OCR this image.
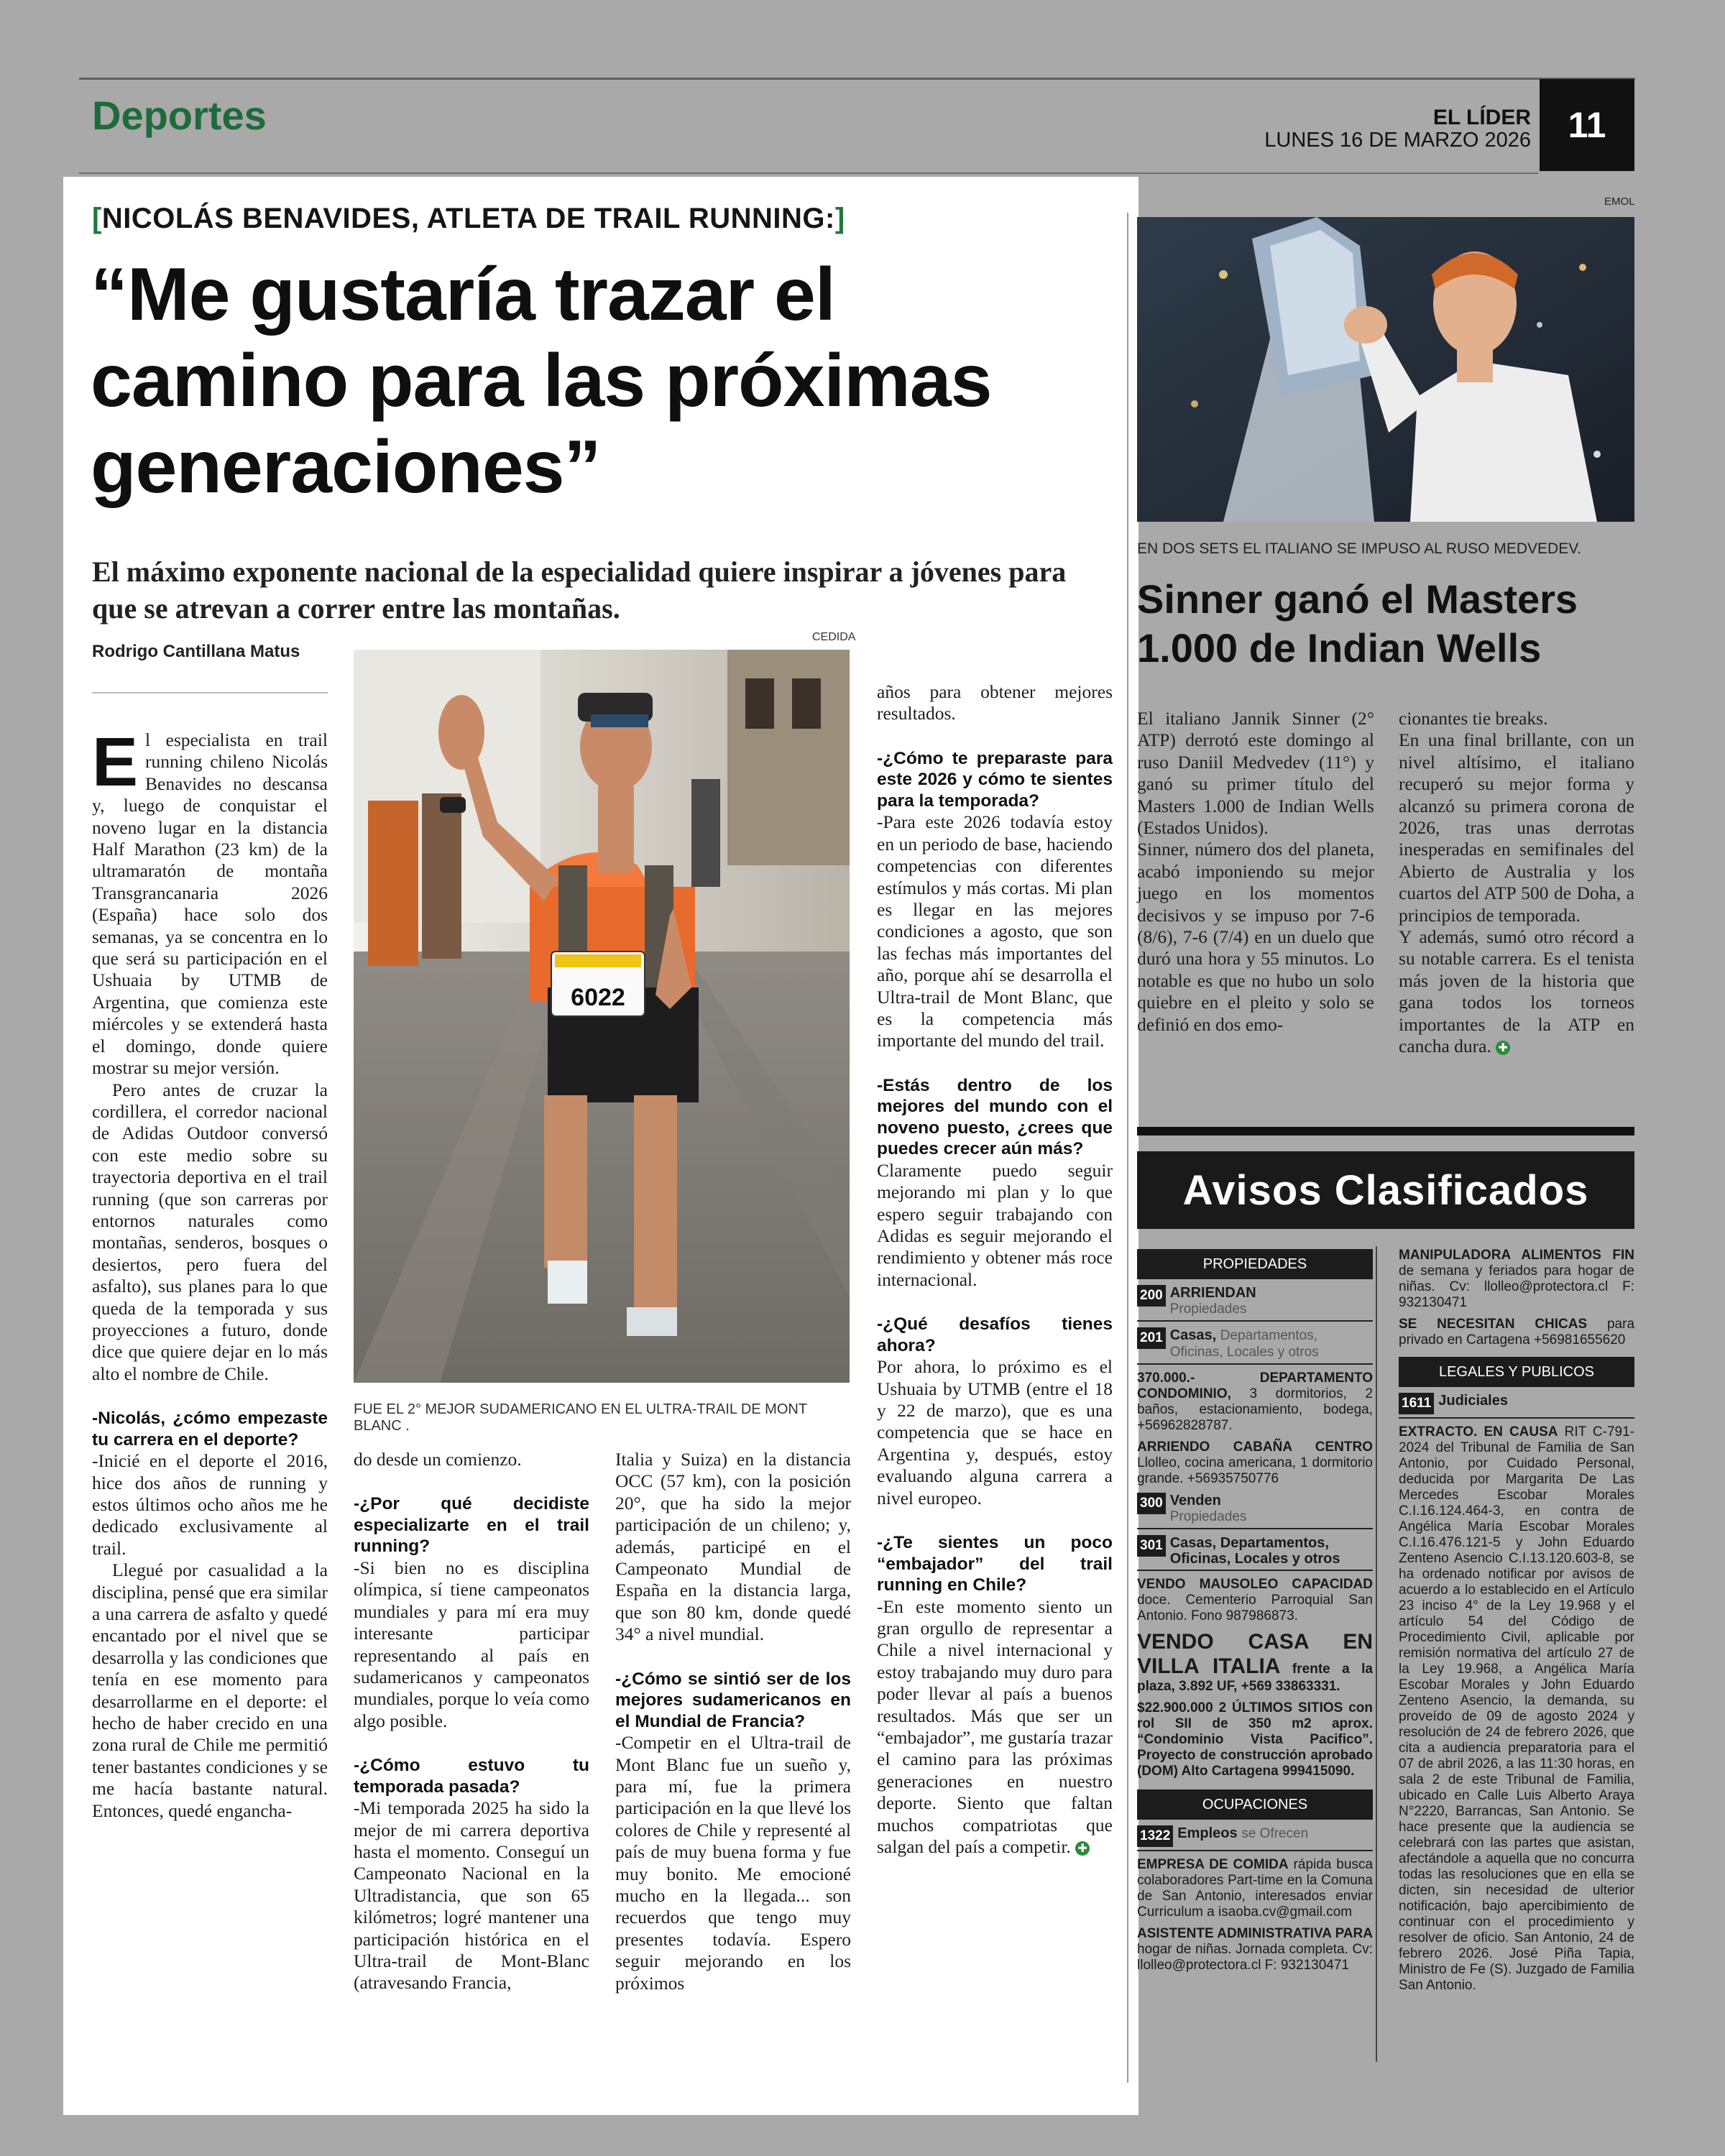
Deportes	EL LÍDER
LUNES 16 DE MARZO 2026	11
[NICOLÁS BENAVIDES, ATLETA DE TRAIL RUNNING:]
“Me gustaría trazar el camino para las próximas generaciones”
El máximo exponente nacional de la especialidad quiere inspirar a jóvenes para que se atrevan a correr entre las montañas.
Rodrigo Cantillana Matus
CEDIDA
6022
FUE EL 2° MEJOR SUDAMERICANO EN EL ULTRA-TRAIL DE MONT BLANC .

El especialista en trail running chileno Nicolás Benavides no descansa y, luego de conquistar el noveno lugar en la distancia Half Marathon (23 km) de la ultramaratón de montaña Transgrancanaria 2026 (España) hace solo dos semanas, ya se concentra en lo que será su participación en el Ushuaia by UTMB de Argentina, que comienza este miércoles y se extenderá hasta el domingo, donde quiere mostrar su mejor versión.

Pero antes de cruzar la cordillera, el corredor nacional de Adidas Outdoor conversó con este medio sobre su trayectoria deportiva en el trail running (que son carreras por entornos naturales como montañas, senderos, bosques o desiertos, pero fuera del asfalto), sus planes para lo que queda de la temporada y sus proyecciones a futuro, donde dice que quiere dejar en lo más alto el nombre de Chile.

-Nicolás, ¿cómo empezaste tu carrera en el deporte?

-Inicié en el deporte el 2016, hice dos años de running y estos últimos ocho años me he dedicado exclusivamente al trail.

Llegué por casualidad a la disciplina, pensé que era similar a una carrera de asfalto y quedé encantado por el nivel que se desarrolla y las condiciones que tenía en ese momento para desarrollarme en el deporte: el hecho de haber crecido en una zona rural de Chile me permitió tener bastantes condiciones y se me hacía bastante natural. Entonces, quedé engancha-

do desde un comienzo.

-¿Por qué decidiste especializarte en el trail running?

-Si bien no es disciplina olímpica, sí tiene campeonatos mundiales y para mí era muy interesante participar representando al país en sudamericanos y campeonatos mundiales, porque lo veía como algo posible.

-¿Cómo estuvo tu temporada pasada?

-Mi temporada 2025 ha sido la mejor de mi carrera deportiva hasta el momento. Conseguí un Campeonato Nacional en la Ultradistancia, que son 65 kilómetros; logré mantener una participación histórica en el Ultra-trail de Mont-Blanc (atravesando Francia,

Italia y Suiza) en la distancia OCC (57 km), con la posición 20°, que ha sido la mejor participación de un chileno; y, además, participé en el Campeonato Mundial de España en la distancia larga, que son 80 km, donde quedé 34° a nivel mundial.

-¿Cómo se sintió ser de los mejores sudamericanos en el Mundial de Francia?

-Competir en el Ultra-trail de Mont Blanc fue un sueño y, para mí, fue la primera participación en la que llevé los colores de Chile y representé al país de muy buena forma y fue muy bonito. Me emocioné mucho en la llegada... son recuerdos que tengo muy presentes todavía. Espero seguir mejorando en los próximos

años para obtener mejores resultados.

-¿Cómo te preparaste para este 2026 y cómo te sientes para la temporada?

-Para este 2026 todavía estoy en un periodo de base, haciendo competencias con diferentes estímulos y más cortas. Mi plan es llegar en las mejores condiciones a agosto, que son las fechas más importantes del año, porque ahí se desarrolla el Ultra-trail de Mont Blanc, que es la competencia más importante del mundo del trail.

-Estás dentro de los mejores del mundo con el noveno puesto, ¿crees que puedes crecer aún más?

Claramente puedo seguir mejorando mi plan y lo que espero seguir trabajando con Adidas es seguir mejorando el rendimiento y obtener más roce internacional.

-¿Qué desafíos tienes ahora?

Por ahora, lo próximo es el Ushuaia by UTMB (entre el 18 y 22 de marzo), que es una competencia que se hace en Argentina y, después, estoy evaluando alguna carrera a nivel europeo.

-¿Te sientes un poco “embajador” del trail running en Chile?

-En este momento siento un gran orgullo de representar a Chile a nivel internacional y estoy trabajando muy duro para poder llevar al país a buenos resultados. Más que ser un “embajador”, me gustaría trazar el camino para las próximas generaciones en nuestro deporte. Siento que faltan muchos compatriotas que salgan del país a competir. ✚

EMOL
EN DOS SETS EL ITALIANO SE IMPUSO AL RUSO MEDVEDEV.
Sinner ganó el Masters 1.000 de Indian Wells

El italiano Jannik Sinner (2° ATP) derrotó este domingo al ruso Daniil Medvedev (11°) y ganó su primer título del Masters 1.000 de Indian Wells (Estados Unidos).

Sinner, número dos del planeta, acabó imponiendo su mejor juego en los momentos decisivos y se impuso por 7-6 (8/6), 7-6 (7/4) en un duelo que duró una hora y 55 minutos. Lo notable es que no hubo un solo quiebre en el pleito y solo se definió en dos emo-

cionantes tie breaks.

En una final brillante, con un nivel altísimo, el italiano recuperó su mejor forma y alcanzó su primera corona de 2026, tras unas derrotas inesperadas en semifinales del Abierto de Australia y los cuartos del ATP 500 de Doha, a principios de temporada.

Y además, sumó otro récord a su notable carrera. Es el tenista más joven de la historia que gana todos los torneos importantes de la ATP en cancha dura. ✚

Avisos Clasificados
PROPIEDADES
200 ARRIENDAN
Propiedades
201 Casas, Departamentos, Oficinas, Locales y otros
370.000.- DEPARTAMENTO CONDOMINIO, 3 dormitorios, 2 baños, estacionamiento, bodega, +56962828787.
ARRIENDO CABAÑA CENTRO Llolleo, cocina americana, 1 dormitorio grande. +56935750776
300 Venden
Propiedades
301 Casas, Departamentos, Oficinas, Locales y otros
VENDO MAUSOLEO CAPACIDAD doce. Cementerio Parroquial San Antonio. Fono 987986873.
VENDO CASA EN VILLA ITALIA frente a la plaza, 3.892 UF, +569 33863331.
$22.900.000 2 ÚLTIMOS SITIOS con rol SII de 350 m2 aprox. “Condominio Vista Pacifico”. Proyecto de construcción aprobado (DOM) Alto Cartagena 999415090.
OCUPACIONES
1322 Empleos se Ofrecen
EMPRESA DE COMIDA rápida busca colaboradores Part-time en la Comuna de San Antonio, interesados enviar Curriculum a isaoba.cv@gmail.com
ASISTENTE ADMINISTRATIVA PARA hogar de niñas. Jornada completa. Cv: llolleo@protectora.cl F: 932130471
MANIPULADORA ALIMENTOS FIN de semana y feriados para hogar de niñas. Cv: llolleo@protectora.cl F: 932130471
SE NECESITAN CHICAS para privado en Cartagena +56981655620
LEGALES Y PUBLICOS
1611 Judiciales
EXTRACTO. EN CAUSA RIT C-791-2024 del Tribunal de Familia de San Antonio, por Cuidado Personal, deducida por Margarita De Las Mercedes Escobar Morales C.I.16.124.464-3, en contra de Angélica María Escobar Morales C.I.16.476.121-5 y John Eduardo Zenteno Asencio C.I.13.120.603-8, se ha ordenado notificar por avisos de acuerdo a lo establecido en el Artículo 23 inciso 4° de la Ley 19.968 y el artículo 54 del Código de Procedimiento Civil, aplicable por remisión normativa del artículo 27 de la Ley 19.968, a Angélica María Escobar Morales y John Eduardo Zenteno Asencio, la demanda, su proveído de 09 de agosto 2024 y resolución de 24 de febrero 2026, que cita a audiencia preparatoria para el 07 de abril 2026, a las 11:30 horas, en sala 2 de este Tribunal de Familia, ubicado en Calle Luis Alberto Araya N°2220, Barrancas, San Antonio. Se hace presente que la audiencia se celebrará con las partes que asistan, afectándole a aquella que no concurra todas las resoluciones que en ella se dicten, sin necesidad de ulterior notificación, bajo apercibimiento de continuar con el procedimiento y resolver de oficio. San Antonio, 24 de febrero 2026. José Piña Tapia, Ministro de Fe (S). Juzgado de Familia San Antonio.
